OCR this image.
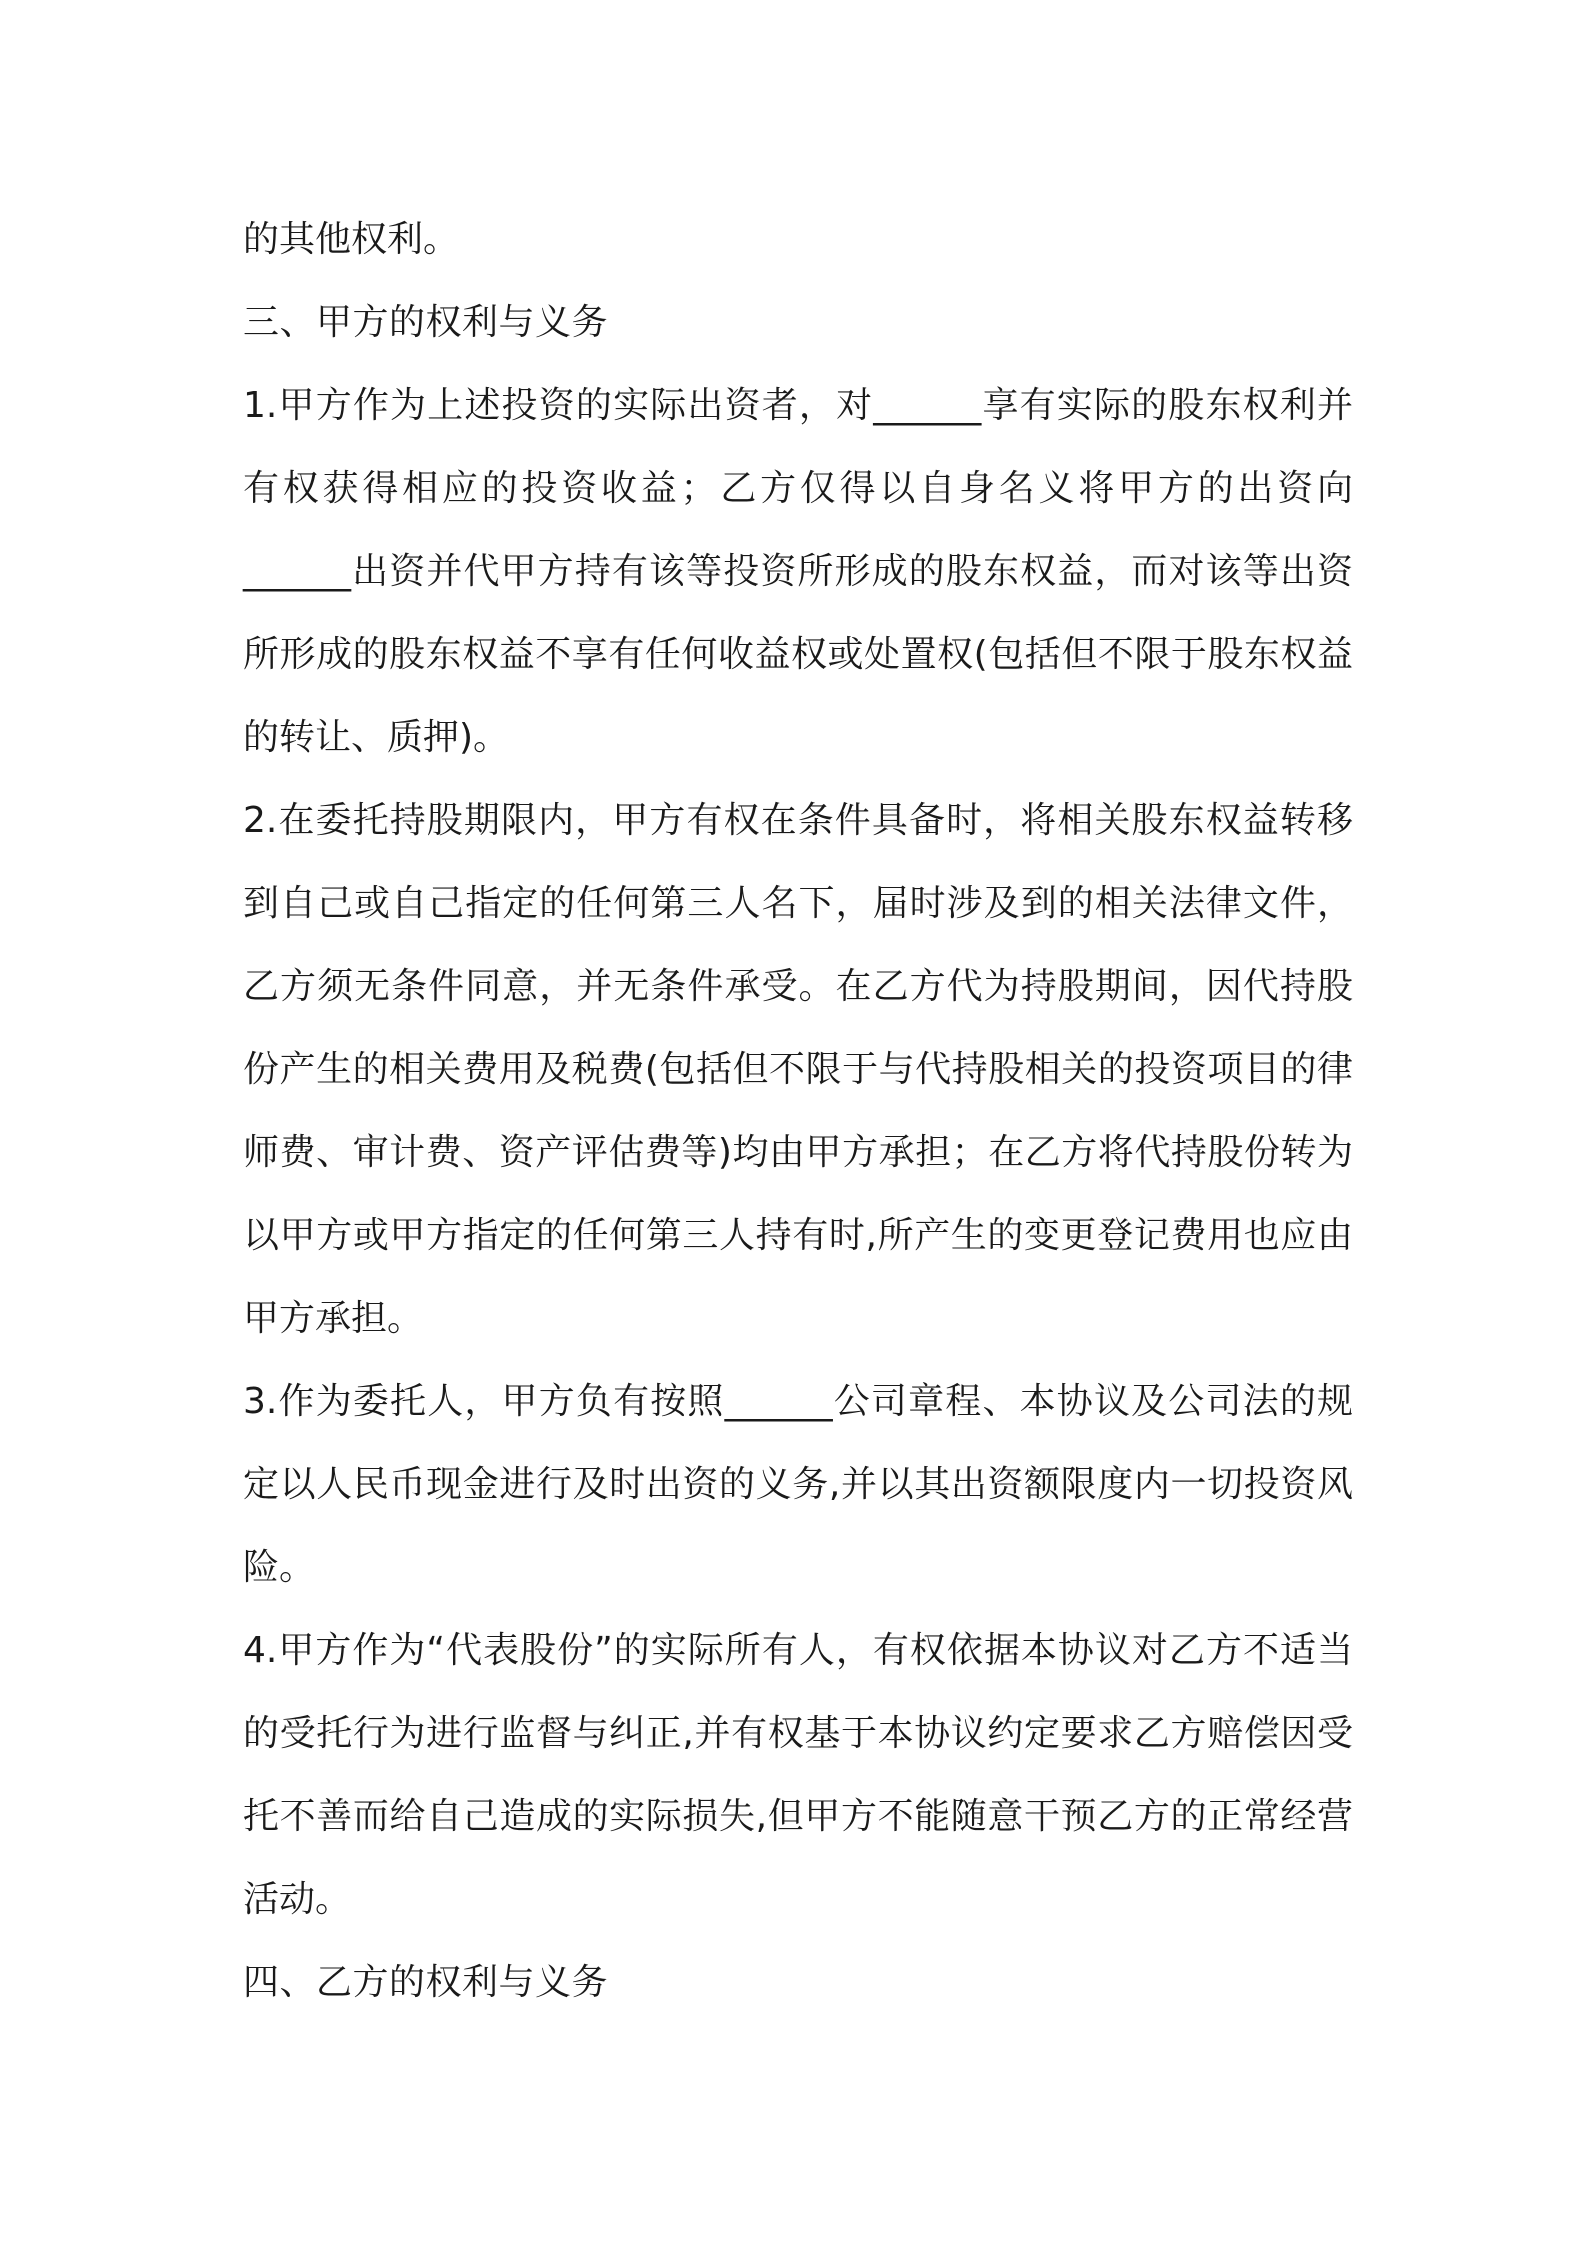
的其他权利。

三、甲方的权利与义务

1.甲方作为上述投资的实际出资者，对______享有实际的股东权利并有权获得相应的投资收益；乙方仅得以自身名义将甲方的出资向______出资并代甲方持有该等投资所形成的股东权益，而对该等出资所形成的股东权益不享有任何收益权或处置权(包括但不限于股东权益的转让、质押)。

2.在委托持股期限内，甲方有权在条件具备时，将相关股东权益转移到自己或自己指定的任何第三人名下，届时涉及到的相关法律文件，乙方须无条件同意，并无条件承受。在乙方代为持股期间，因代持股份产生的相关费用及税费(包括但不限于与代持股相关的投资项目的律师费、审计费、资产评估费等)均由甲方承担；在乙方将代持股份转为以甲方或甲方指定的任何第三人持有时,所产生的变更登记费用也应由甲方承担。

3.作为委托人，甲方负有按照______公司章程、本协议及公司法的规定以人民币现金进行及时出资的义务,并以其出资额限度内一切投资风险。

4.甲方作为“代表股份”的实际所有人，有权依据本协议对乙方不适当的受托行为进行监督与纠正,并有权基于本协议约定要求乙方赔偿因受托不善而给自己造成的实际损失,但甲方不能随意干预乙方的正常经营活动。

四、乙方的权利与义务
